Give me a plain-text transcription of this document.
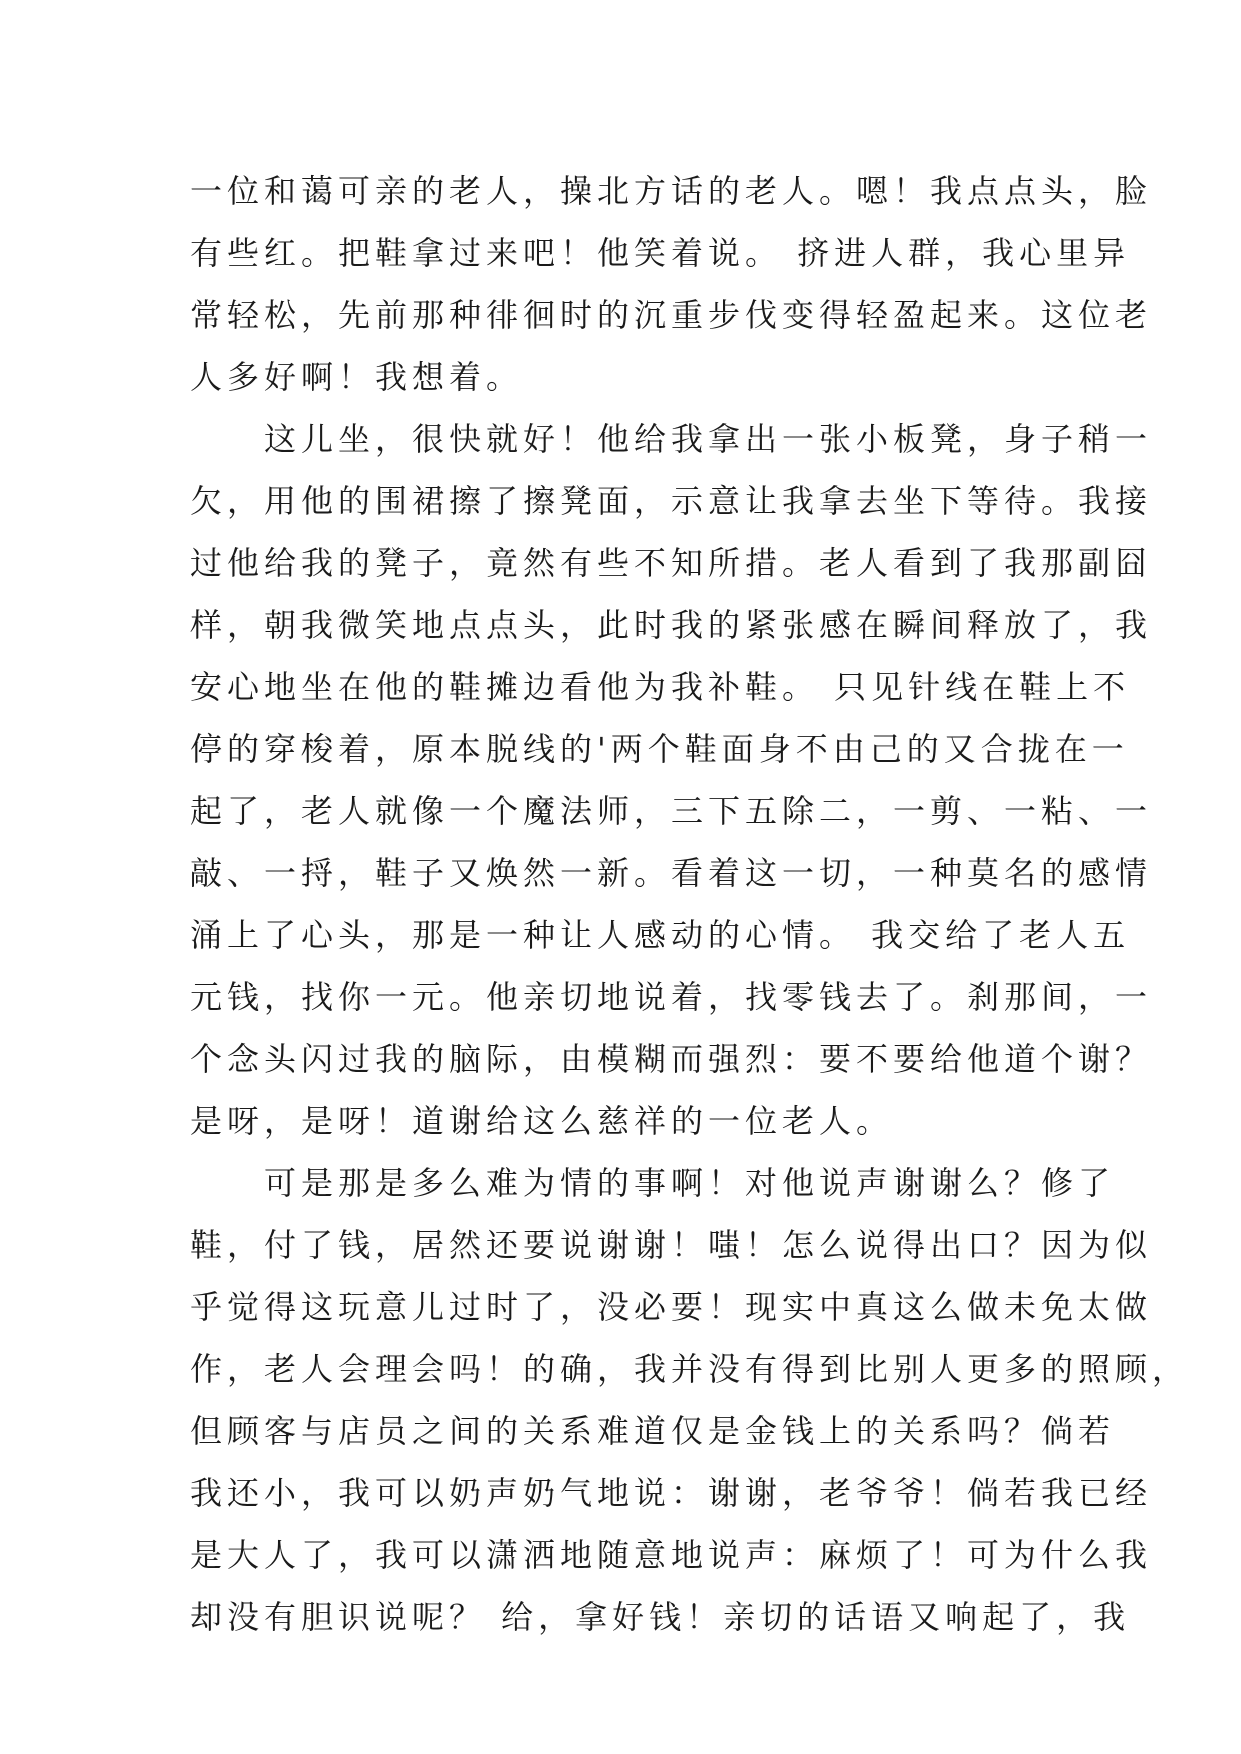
一位和蔼可亲的老人，操北方话的老人。嗯！我点点头，脸
有些红。把鞋拿过来吧！他笑着说。 挤进人群，我心里异
常轻松，先前那种徘徊时的沉重步伐变得轻盈起来。这位老
人多好啊！我想着。
　　这儿坐，很快就好！他给我拿出一张小板凳，身子稍一
欠，用他的围裙擦了擦凳面，示意让我拿去坐下等待。我接
过他给我的凳子，竟然有些不知所措。老人看到了我那副囧
样，朝我微笑地点点头，此时我的紧张感在瞬间释放了，我
安心地坐在他的鞋摊边看他为我补鞋。 只见针线在鞋上不
停的穿梭着，原本脱线的'两个鞋面身不由己的又合拢在一
起了，老人就像一个魔法师，三下五除二，一剪、一粘、一
敲、一捋，鞋子又焕然一新。看着这一切，一种莫名的感情
涌上了心头，那是一种让人感动的心情。 我交给了老人五
元钱，找你一元。他亲切地说着，找零钱去了。刹那间，一
个念头闪过我的脑际，由模糊而强烈：要不要给他道个谢？
是呀，是呀！道谢给这么慈祥的一位老人。
　　可是那是多么难为情的事啊！对他说声谢谢么？修了
鞋，付了钱，居然还要说谢谢！嗤！怎么说得出口？因为似
乎觉得这玩意儿过时了，没必要！现实中真这么做未免太做
作，老人会理会吗！的确，我并没有得到比别人更多的照顾，
但顾客与店员之间的关系难道仅是金钱上的关系吗？倘若
我还小，我可以奶声奶气地说：谢谢，老爷爷！倘若我已经
是大人了，我可以潇洒地随意地说声：麻烦了！可为什么我
却没有胆识说呢？ 给，拿好钱！亲切的话语又响起了，我
